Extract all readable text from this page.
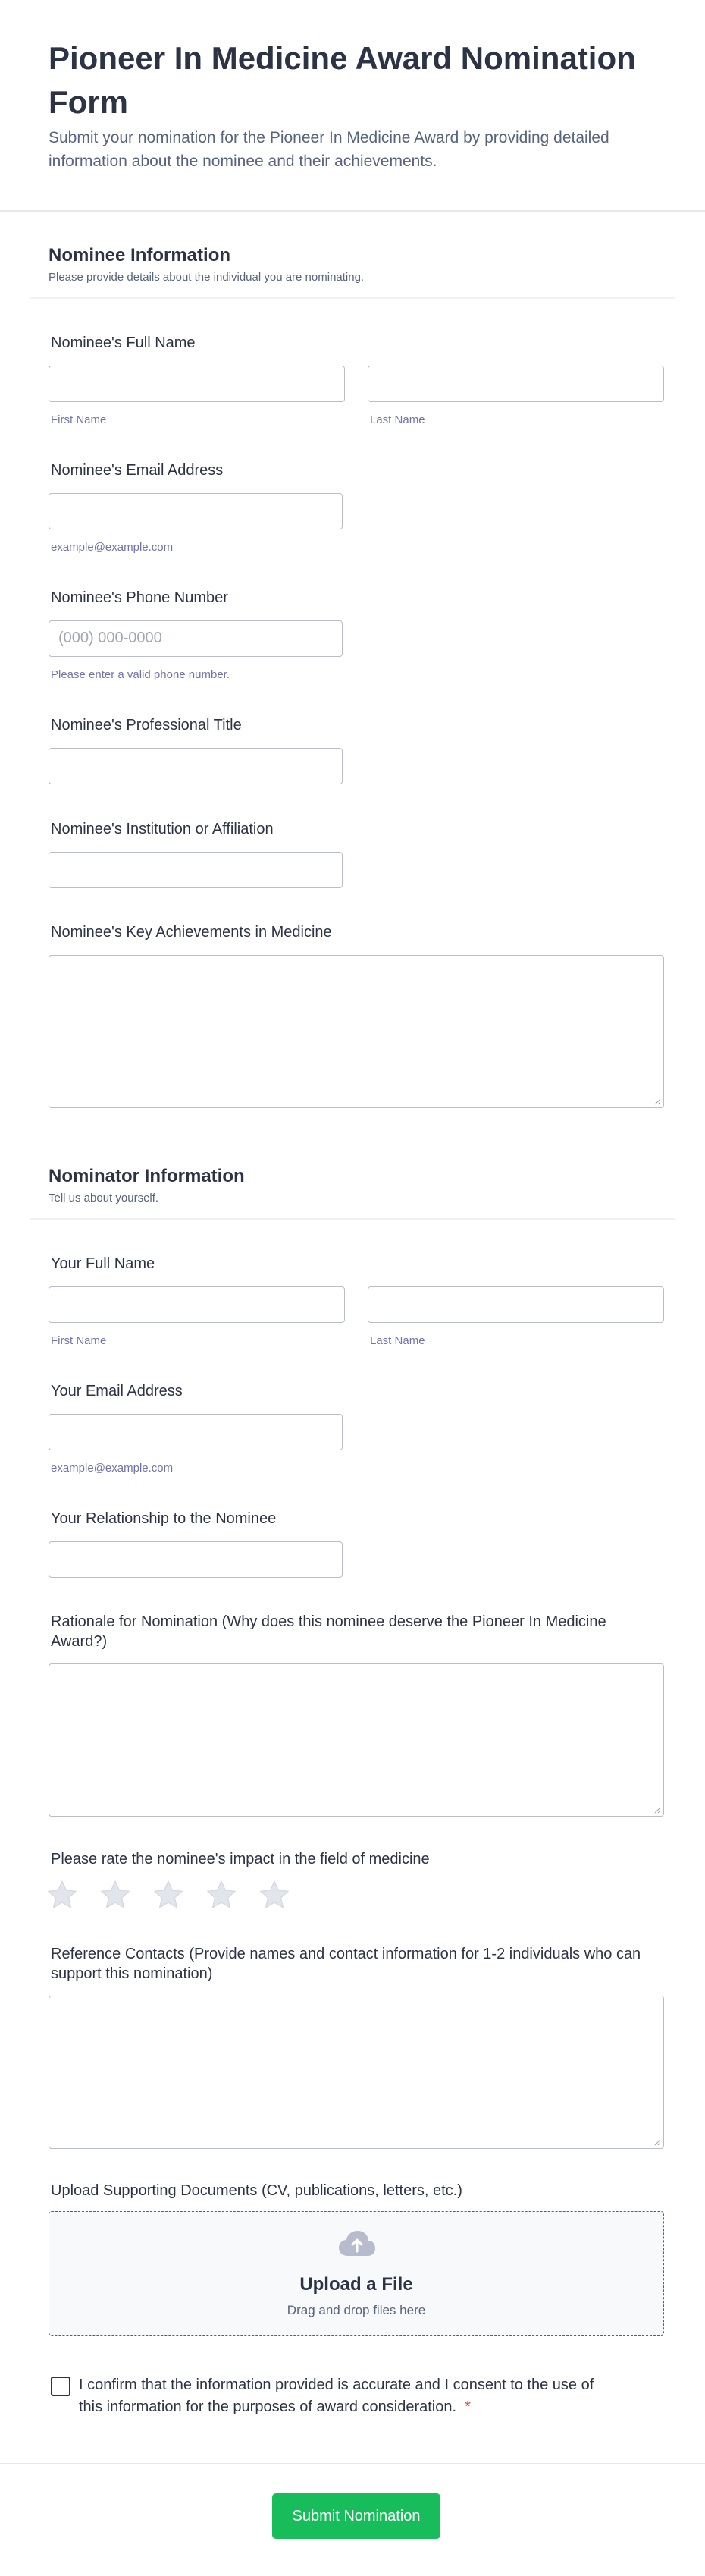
Pioneer In Medicine Award Nomination Form
Submit your nomination for the Pioneer In Medicine Award by providing detailed information about the nominee and their achievements.
Nominee Information
Please provide details about the individual you are nominating.
Nominee's Full Name
First Name	Last Name
Nominee's Email Address
example@example.com
Nominee's Phone Number
(000) 000-0000
Please enter a valid phone number.
Nominee's Professional Title
Nominee's Institution or Affiliation
Nominee's Key Achievements in Medicine
Nominator Information
Tell us about yourself.
Your Full Name
First Name	Last Name
Your Email Address
example@example.com
Your Relationship to the Nominee
Rationale for Nomination (Why does this nominee deserve the Pioneer In Medicine Award?)
Please rate the nominee's impact in the field of medicine
Reference Contacts (Provide names and contact information for 1-2 individuals who can support this nomination)
Upload Supporting Documents (CV, publications, letters, etc.)
Upload a File
Drag and drop files here
I confirm that the information provided is accurate and I consent to the use of this information for the purposes of award consideration. *
Submit Nomination
